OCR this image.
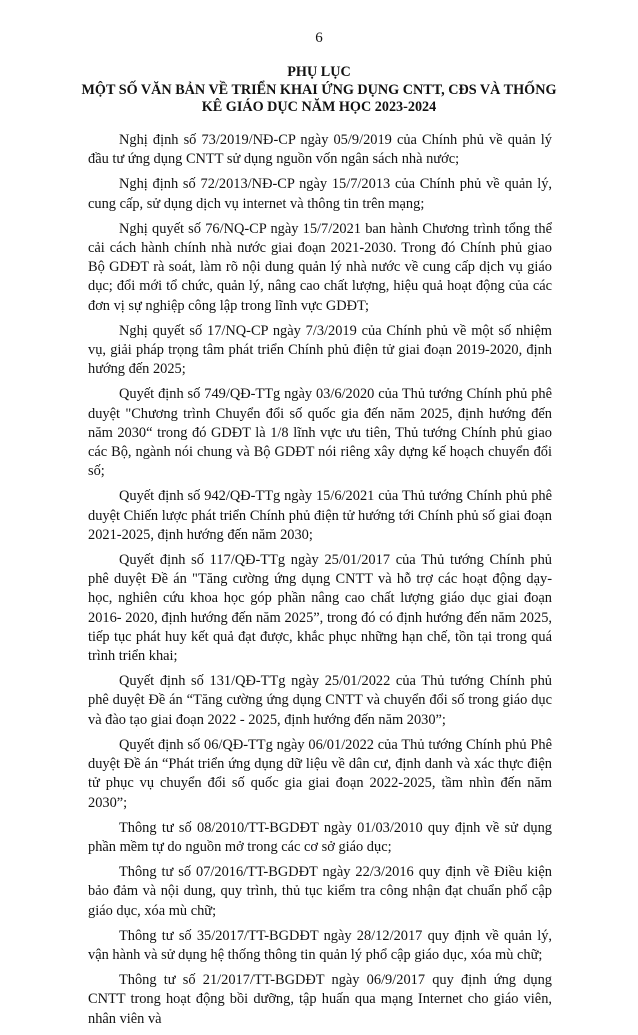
6
PHỤ LỤC
MỘT SỐ VĂN BẢN VỀ TRIỂN KHAI ỨNG DỤNG CNTT, CĐS VÀ THỐNG
KÊ GIÁO DỤC NĂM HỌC 2023-2024

Nghị định số 73/2019/NĐ-CP ngày 05/9/2019 của Chính phủ về quản lý đầu tư ứng dụng CNTT sử dụng nguồn vốn ngân sách nhà nước;

Nghị định số 72/2013/NĐ-CP ngày 15/7/2013 của Chính phủ về quản lý, cung cấp, sử dụng dịch vụ internet và thông tin trên mạng;

Nghị quyết số 76/NQ-CP ngày 15/7/2021 ban hành Chương trình tổng thể cải cách hành chính nhà nước giai đoạn 2021-2030. Trong đó Chính phủ giao Bộ GDĐT rà soát, làm rõ nội dung quản lý nhà nước về cung cấp dịch vụ giáo dục; đổi mới tổ chức, quản lý, nâng cao chất lượng, hiệu quả hoạt động của các đơn vị sự nghiệp công lập trong lĩnh vực GDĐT;

Nghị quyết số 17/NQ-CP ngày 7/3/2019 của Chính phủ về một số nhiệm vụ, giải pháp trọng tâm phát triển Chính phủ điện tử giai đoạn 2019-2020, định hướng đến 2025;

Quyết định số 749/QĐ-TTg ngày 03/6/2020 của Thủ tướng Chính phủ phê duyệt "Chương trình Chuyển đổi số quốc gia đến năm 2025, định hướng đến năm 2030“ trong đó GDĐT là 1/8 lĩnh vực ưu tiên, Thủ tướng Chính phủ giao các Bộ, ngành nói chung và Bộ GDĐT nói riêng xây dựng kế hoạch chuyển đổi số;

Quyết định số 942/QĐ-TTg ngày 15/6/2021 của Thủ tướng Chính phủ phê duyệt Chiến lược phát triển Chính phủ điện tử hướng tới Chính phủ số giai đoạn 2021-2025, định hướng đến năm 2030;

Quyết định số 117/QĐ-TTg ngày 25/01/2017 của Thủ tướng Chính phủ phê duyệt Đề án "Tăng cường ứng dụng CNTT và hỗ trợ các hoạt động dạy-học, nghiên cứu khoa học góp phần nâng cao chất lượng giáo dục giai đoạn 2016- 2020, định hướng đến năm 2025”, trong đó có định hướng đến năm 2025, tiếp tục phát huy kết quả đạt được, khắc phục những hạn chế, tồn tại trong quá trình triển khai;

Quyết định số 131/QĐ-TTg ngày 25/01/2022 của Thủ tướng Chính phủ phê duyệt Đề án “Tăng cường ứng dụng CNTT và chuyển đổi số trong giáo dục và đào tạo giai đoạn 2022 - 2025, định hướng đến năm 2030”;

Quyết định số 06/QĐ-TTg ngày 06/01/2022 của Thủ tướng Chính phủ Phê duyệt Đề án “Phát triển ứng dụng dữ liệu về dân cư, định danh và xác thực điện tử phục vụ chuyển đổi số quốc gia giai đoạn 2022-2025, tầm nhìn đến năm 2030”;

Thông tư số 08/2010/TT-BGDĐT ngày 01/03/2010 quy định về sử dụng phần mềm tự do nguồn mở trong các cơ sở giáo dục;

Thông tư số 07/2016/TT-BGDĐT ngày 22/3/2016 quy định về Điều kiện bảo đảm và nội dung, quy trình, thủ tục kiểm tra công nhận đạt chuẩn phổ cập giáo dục, xóa mù chữ;

Thông tư số 35/2017/TT-BGDĐT ngày 28/12/2017 quy định về quản lý, vận hành và sử dụng hệ thống thông tin quản lý phổ cập giáo dục, xóa mù chữ;

Thông tư số 21/2017/TT-BGDĐT ngày 06/9/2017 quy định ứng dụng CNTT trong hoạt động bồi dưỡng, tập huấn qua mạng Internet cho giáo viên, nhân viên và
